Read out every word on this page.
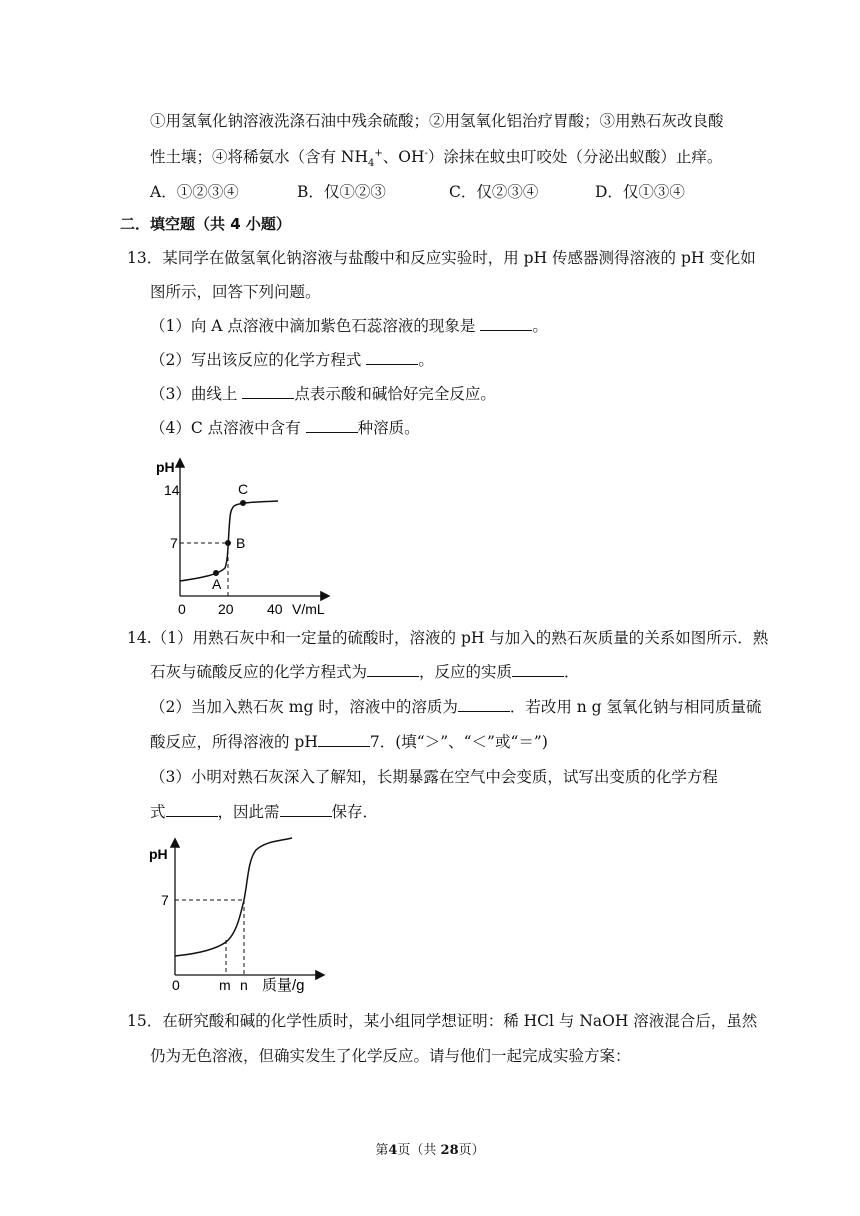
①用氢氧化钠溶液洗涤石油中残余硫酸；②用氢氧化铝治疗胃酸；③用熟石灰改良酸
性土壤；④将稀氨水（含有 $NH_4^+$、OH-）涂抹在蚊虫叮咬处（分泌出蚁酸）止痒。
A．①②③④	B．仅①②③	C．仅②③④	D．仅①③④
二．填空题（共 4 小题）
13．某同学在做氢氧化钠溶液与盐酸中和反应实验时，用 pH 传感器测得溶液的 pH 变化如
图所示，回答下列问题。
（1）向 A 点溶液中滴加紫色石蕊溶液的现象是	。
（2）写出该反应的化学方程式	。
（3）曲线上	点表示酸和碱恰好完全反应。
（4）C 点溶液中含有	种溶质。
pH
14
7
A
B
C
0 20 40 V/mL
14.（1）用熟石灰中和一定量的硫酸时，溶液的 pH 与加入的熟石灰质量的关系如图所示．熟
石灰与硫酸反应的化学方程式为	，反应的实质	．
（2）当加入熟石灰 mg 时，溶液中的溶质为	．若改用 n g 氢氧化钠与相同质量硫
酸反应，所得溶液的 pH	7．(填“＞”、“＜”或“＝”)
（3）小明对熟石灰深入了解知，长期暴露在空气中会变质，试写出变质的化学方程
式	，因此需	保存．
pH
7
0	m n 质量/g
15．在研究酸和碱的化学性质时，某小组同学想证明：稀 HCl 与 NaOH 溶液混合后，虽然
仍为无色溶液，但确实发生了化学反应。请与他们一起完成实验方案：
第4页（共 28页）
